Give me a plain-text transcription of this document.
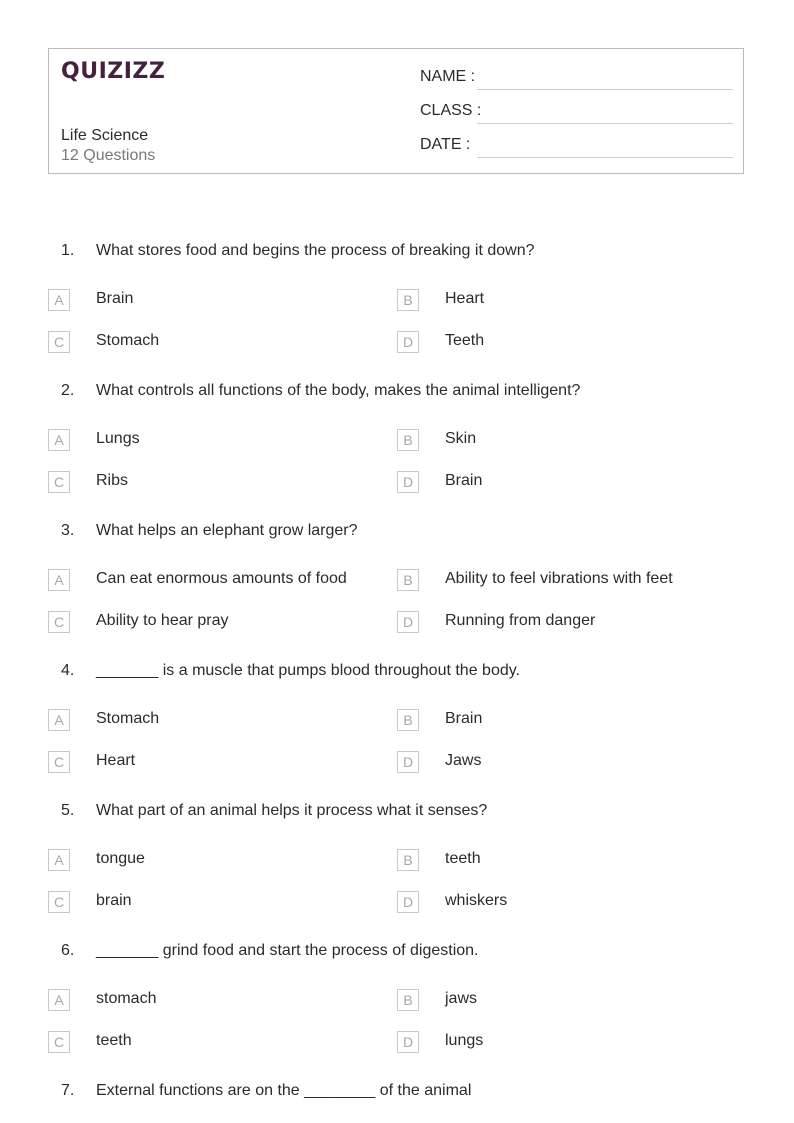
QUIZIZZ
Life Science
12 Questions
NAME :
CLASS :
DATE :
1. What stores food and begins the process of breaking it down?
A	Brain	B	Heart
C	Stomach	D	Teeth
2. What controls all functions of the body, makes the animal intelligent?
A	Lungs	B	Skin
C	Ribs	D	Brain
3. What helps an elephant grow larger?
A	Can eat enormous amounts of food	B	Ability to feel vibrations with feet
C	Ability to hear pray	D	Running from danger
4. _______ is a muscle that pumps blood throughout the body.
A	Stomach	B	Brain
C	Heart	D	Jaws
5. What part of an animal helps it process what it senses?
A	tongue	B	teeth
C	brain	D	whiskers
6. _______ grind food and start the process of digestion.
A	stomach	B	jaws
C	teeth	D	lungs
7. External functions are on the ________ of the animal
